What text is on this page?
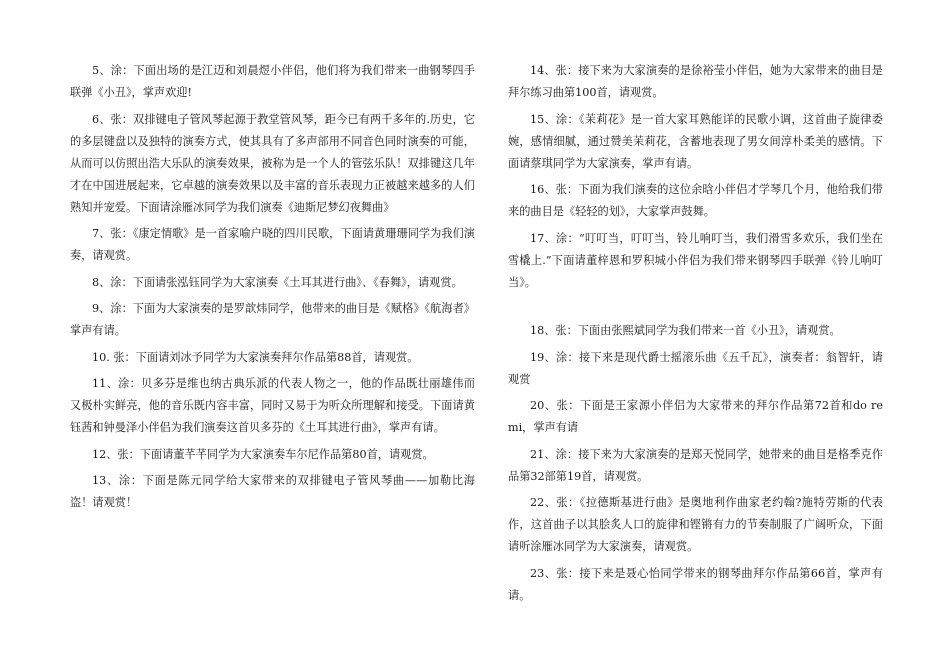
5、涂：下面出场的是江迈和刘晨煜小伴侣，他们将为我们带来一曲钢琴四手联弹《小丑》，掌声欢迎!

6、张：双排键电子管风琴起源于教堂管风琴，距今已有两千多年的.历史，它的多层键盘以及独特的演奏方式，使其具有了多声部用不同音色同时演奏的可能，从而可以仿照出浩大乐队的演奏效果，被称为是一个人的管弦乐队！双排键这几年才在中国进展起来，它卓越的演奏效果以及丰富的音乐表现力正被越来越多的人们熟知并宠爱。下面请涂雁冰同学为我们演奏《迪斯尼梦幻夜舞曲》

7、张：《康定情歌》是一首家喻户晓的四川民歌，下面请黄珊珊同学为我们演奏，请观赏。

8、涂：下面请张泓钰同学为大家演奏《土耳其进行曲》、《春舞》，请观赏。

9、涂：下面为大家演奏的是罗歆炜同学，他带来的曲目是《赋格》《航海者》掌声有请。

10. 张：下面请刘冰予同学为大家演奏拜尔作品第88首，请观赏。

11、涂：贝多芬是维也纳古典乐派的代表人物之一，他的作品既壮丽雄伟而又极朴实鲜亮，他的音乐既内容丰富，同时又易于为听众所理解和接受。下面请黄钰茜和钟曼泽小伴侣为我们演奏这首贝多芬的《土耳其进行曲》，掌声有请。

12、张：下面请董芊芊同学为大家演奏车尔尼作品第80首，请观赏。

13、涂：下面是陈元同学给大家带来的双排键电子管风琴曲——加勒比海盗！请观赏！

14、张：接下来为大家演奏的是徐裕莹小伴侣，她为大家带来的曲目是拜尔练习曲第100首，请观赏。

15、涂：《茉莉花》是一首大家耳熟能详的民歌小调，这首曲子旋律委婉，感情细腻，通过赞美茉莉花，含蓄地表现了男女间淳朴柔美的感情。下面请蔡琪同学为大家演奏，掌声有请。

16、张：下面为我们演奏的这位余晗小伴侣才学琴几个月，他给我们带来的曲目是《轻轻的划》，大家掌声鼓舞。

17、涂：“叮叮当，叮叮当，铃儿响叮当，我们滑雪多欢乐，我们坐在雪橇上.”下面请董梓恩和罗积城小伴侣为我们带来钢琴四手联弹《铃儿响叮当》。

18、张：下面由张熙斌同学为我们带来一首《小丑》，请观赏。

19、涂：接下来是现代爵士摇滚乐曲《五千瓦》，演奏者：翁智轩，请观赏

20、张：下面是王家源小伴侣为大家带来的拜尔作品第72首和do re mi，掌声有请

21、涂：接下来为大家演奏的是郑天悦同学，她带来的曲目是格季克作品第32部第19首，请观赏。

22、张：《拉德斯基进行曲》是奥地利作曲家老约翰?施特劳斯的代表作，这首曲子以其脍炙人口的旋律和铿锵有力的节奏制服了广阔听众，下面请听涂雁冰同学为大家演奏，请观赏。

23、张：接下来是聂心怡同学带来的钢琴曲拜尔作品第66首，掌声有请。
